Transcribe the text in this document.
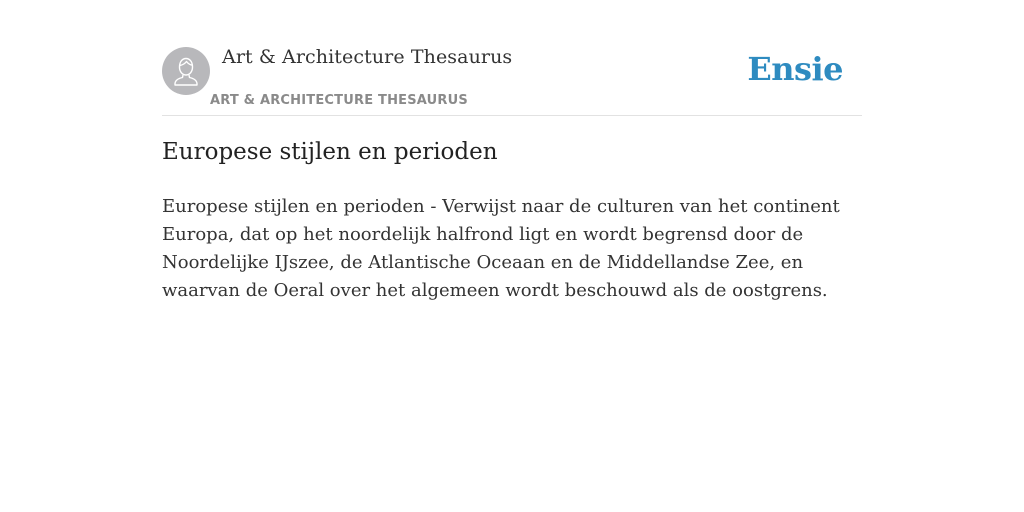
Art & Architecture Thesaurus
ART & ARCHITECTURE THESAURUS
Ensie
Europese stijlen en perioden

Europese stijlen en perioden - Verwijst naar de culturen van het continent Europa, dat op het noordelijk halfrond ligt en wordt begrensd door de Noordelijke IJszee, de Atlantische Oceaan en de Middellandse Zee, en waarvan de Oeral over het algemeen wordt beschouwd als de oostgrens.
